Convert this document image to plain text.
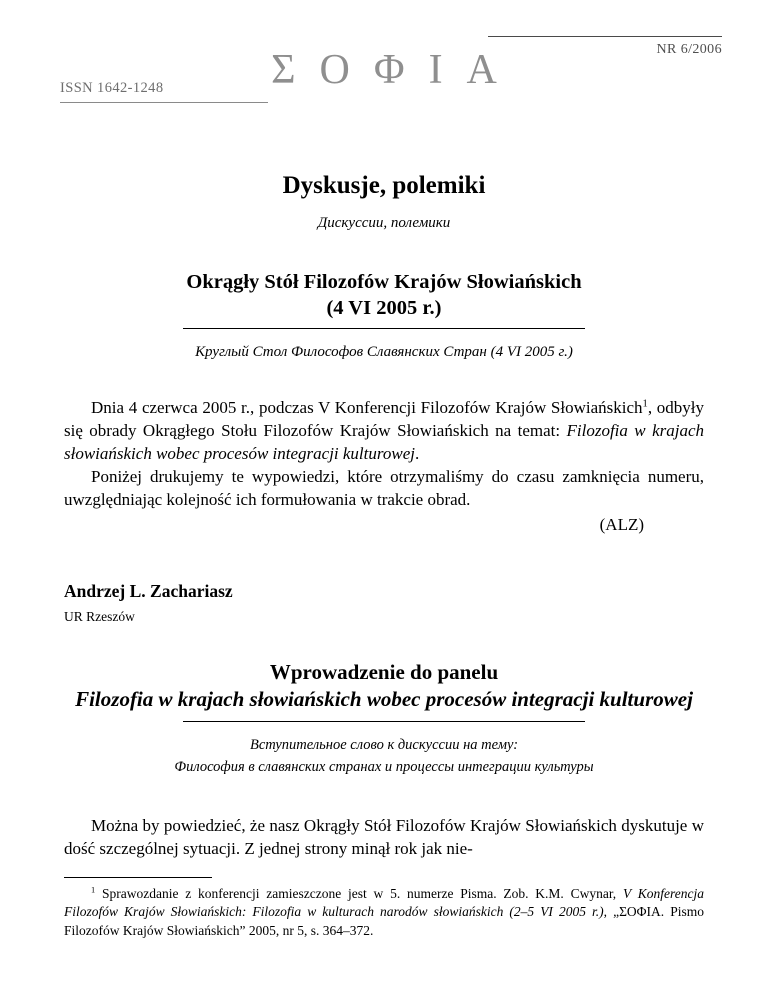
NR 6/2006
ΣΟΦΙΑ
ISSN 1642-1248
Dyskusje, polemiki
Дискуссии, полемики
Okrągły Stół Filozofów Krajów Słowiańskich
(4 VI 2005 r.)
Круглый Стол Философов Славянских Стран (4 VI 2005 г.)

Dnia 4 czerwca 2005 r., podczas V Konferencji Filozofów Krajów Słowiańskich$^1$, odbyły się obrady Okrągłego Stołu Filozofów Krajów Słowiańskich na temat: Filozofia w krajach słowiańskich wobec procesów integracji kulturowej.

Poniżej drukujemy te wypowiedzi, które otrzymaliśmy do czasu zamknięcia numeru, uwzględniając kolejność ich formułowania w trakcie obrad.

(ALZ)

Andrzej L. Zachariasz
UR Rzeszów
Wprowadzenie do panelu
Filozofia w krajach słowiańskich wobec procesów integracji kulturowej
Вступительное слово к дискуссии на тему:
Философия в славянских странах и процессы интеграции культуры

Można by powiedzieć, że nasz Okrągły Stół Filozofów Krajów Słowiańskich dyskutuje w dość szczególnej sytuacji. Z jednej strony minął rok jak nie-

$^1$ Sprawozdanie z konferencji zamieszczone jest w 5. numerze Pisma. Zob. K.M. Cwynar, V Konferencja Filozofów Krajów Słowiańskich: Filozofia w kulturach narodów słowiańskich (2–5 VI 2005 r.), „ΣΟΦΙΑ. Pismo Filozofów Krajów Słowiańskich” 2005, nr 5, s. 364–372.
